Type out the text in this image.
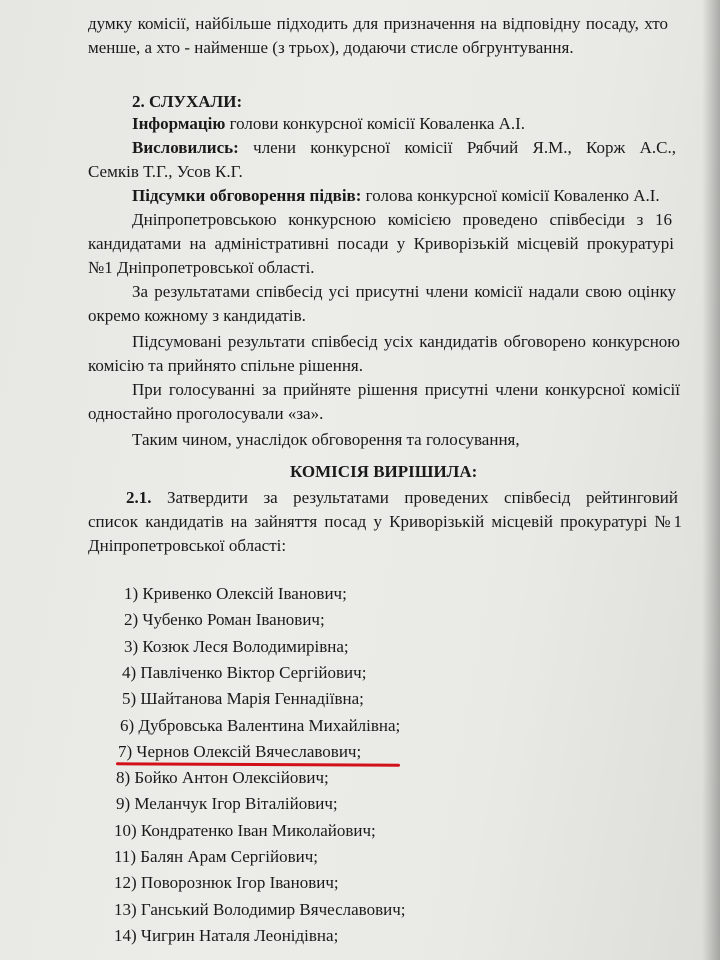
думку комісії, найбільше підходить для призначення на відповідну посаду, хто
менше, а хто - найменше (з трьох), додаючи стисле обгрунтування.
2. СЛУХАЛИ:
Інформацію голови конкурсної комісії Коваленка А.І.
Висловились: члени конкурсної комісії Рябчий Я.М., Корж А.С.,
Семків Т.Г., Усов К.Г.
Підсумки обговорення підвів: голова конкурсної комісії Коваленко А.І.
Дніпропетровською конкурсною комісією проведено співбесіди з 16
кандидатами на адміністративні посади у Криворізькій місцевій прокуратурі
№1 Дніпропетровської області.
За результатами співбесід усі присутні члени комісії надали свою оцінку
окремо кожному з кандидатів.
Підсумовані результати співбесід усіх кандидатів обговорено конкурсною
комісію та прийнято спільне рішення.
При голосуванні за прийняте рішення присутні члени конкурсної комісії
одностайно проголосували «за».
Таким чином, унаслідок обговорення та голосування,
КОМІСІЯ ВИРІШИЛА:
2.1. Затвердити за результатами проведених співбесід рейтинговий
список кандидатів на зайняття посад у Криворізькій місцевій прокуратурі №1
Дніпропетровської області:
1) Кривенко Олексій Іванович;
2) Чубенко Роман Іванович;
3) Козюк Леся Володимирівна;
4) Павліченко Віктор Сергійович;
5) Шайтанова Марія Геннадіївна;
6) Дубровська Валентина Михайлівна;
7) Чернов Олексій Вячеславович;
8) Бойко Антон Олексійович;
9) Меланчук Ігор Віталійович;
10) Кондратенко Іван Миколайович;
11) Балян Арам Сергійович;
12) Поворознюк Ігор Іванович;
13) Ганський Володимир Вячеславович;
14) Чигрин Наталя Леонідівна;
